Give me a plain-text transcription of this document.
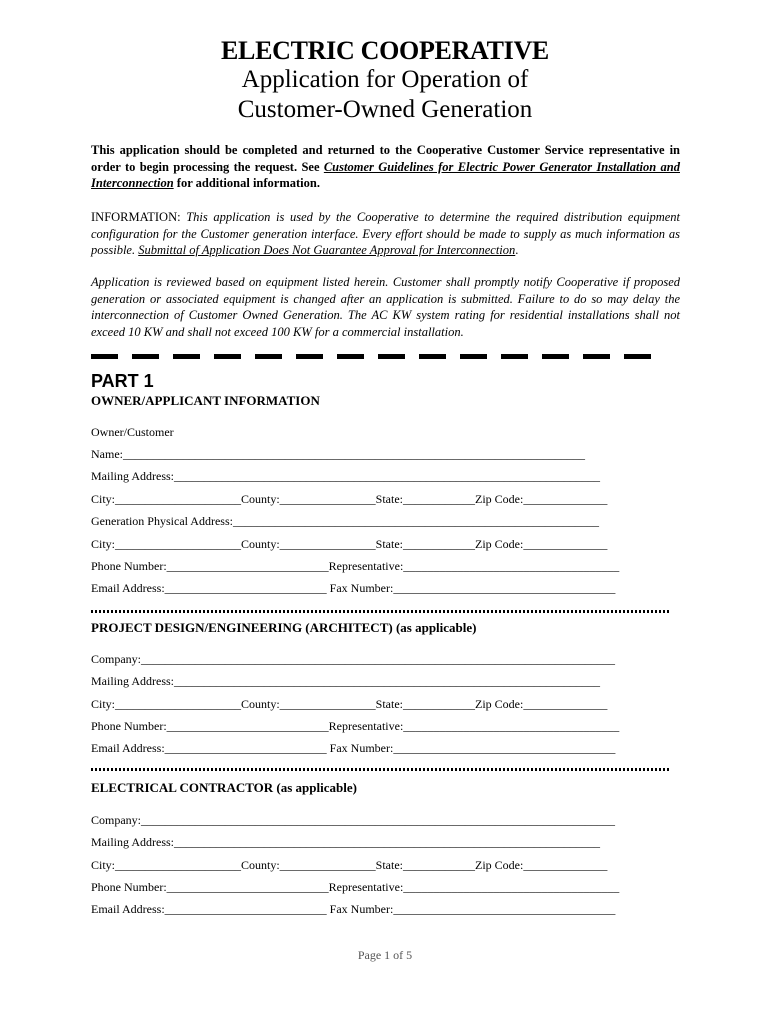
ELECTRIC COOPERATIVE
Application for Operation of
Customer-Owned Generation
This application should be completed and returned to the Cooperative Customer Service representative in order to begin processing the request. See Customer Guidelines for Electric Power Generator Installation and Interconnection for additional information.
INFORMATION: This application is used by the Cooperative to determine the required distribution equipment configuration for the Customer generation interface. Every effort should be made to supply as much information as possible. Submittal of Application Does Not Guarantee Approval for Interconnection.
Application is reviewed based on equipment listed herein. Customer shall promptly notify Cooperative if proposed generation or associated equipment is changed after an application is submitted. Failure to do so may delay the interconnection of Customer Owned Generation. The AC KW system rating for residential installations shall not exceed 10 KW and shall not exceed 100 KW for a commercial installation.
PART 1
OWNER/APPLICANT INFORMATION
Owner/Customer
Name:_____________________________________________________________________________
Mailing Address:_______________________________________________________________________
City:_____________________County:________________State:____________Zip Code:______________
Generation Physical Address:_____________________________________________________________
City:_____________________County:________________State:____________Zip Code:______________
Phone Number:___________________________Representative:____________________________________
Email Address:___________________________ Fax Number:_____________________________________
PROJECT DESIGN/ENGINEERING (ARCHITECT) (as applicable)
Company:_______________________________________________________________________________
Mailing Address:_______________________________________________________________________
City:_____________________County:________________State:____________Zip Code:______________
Phone Number:___________________________Representative:____________________________________
Email Address:___________________________ Fax Number:_____________________________________
ELECTRICAL CONTRACTOR (as applicable)
Company:_______________________________________________________________________________
Mailing Address:_______________________________________________________________________
City:_____________________County:________________State:____________Zip Code:______________
Phone Number:___________________________Representative:____________________________________
Email Address:___________________________ Fax Number:_____________________________________
Page 1 of 5
